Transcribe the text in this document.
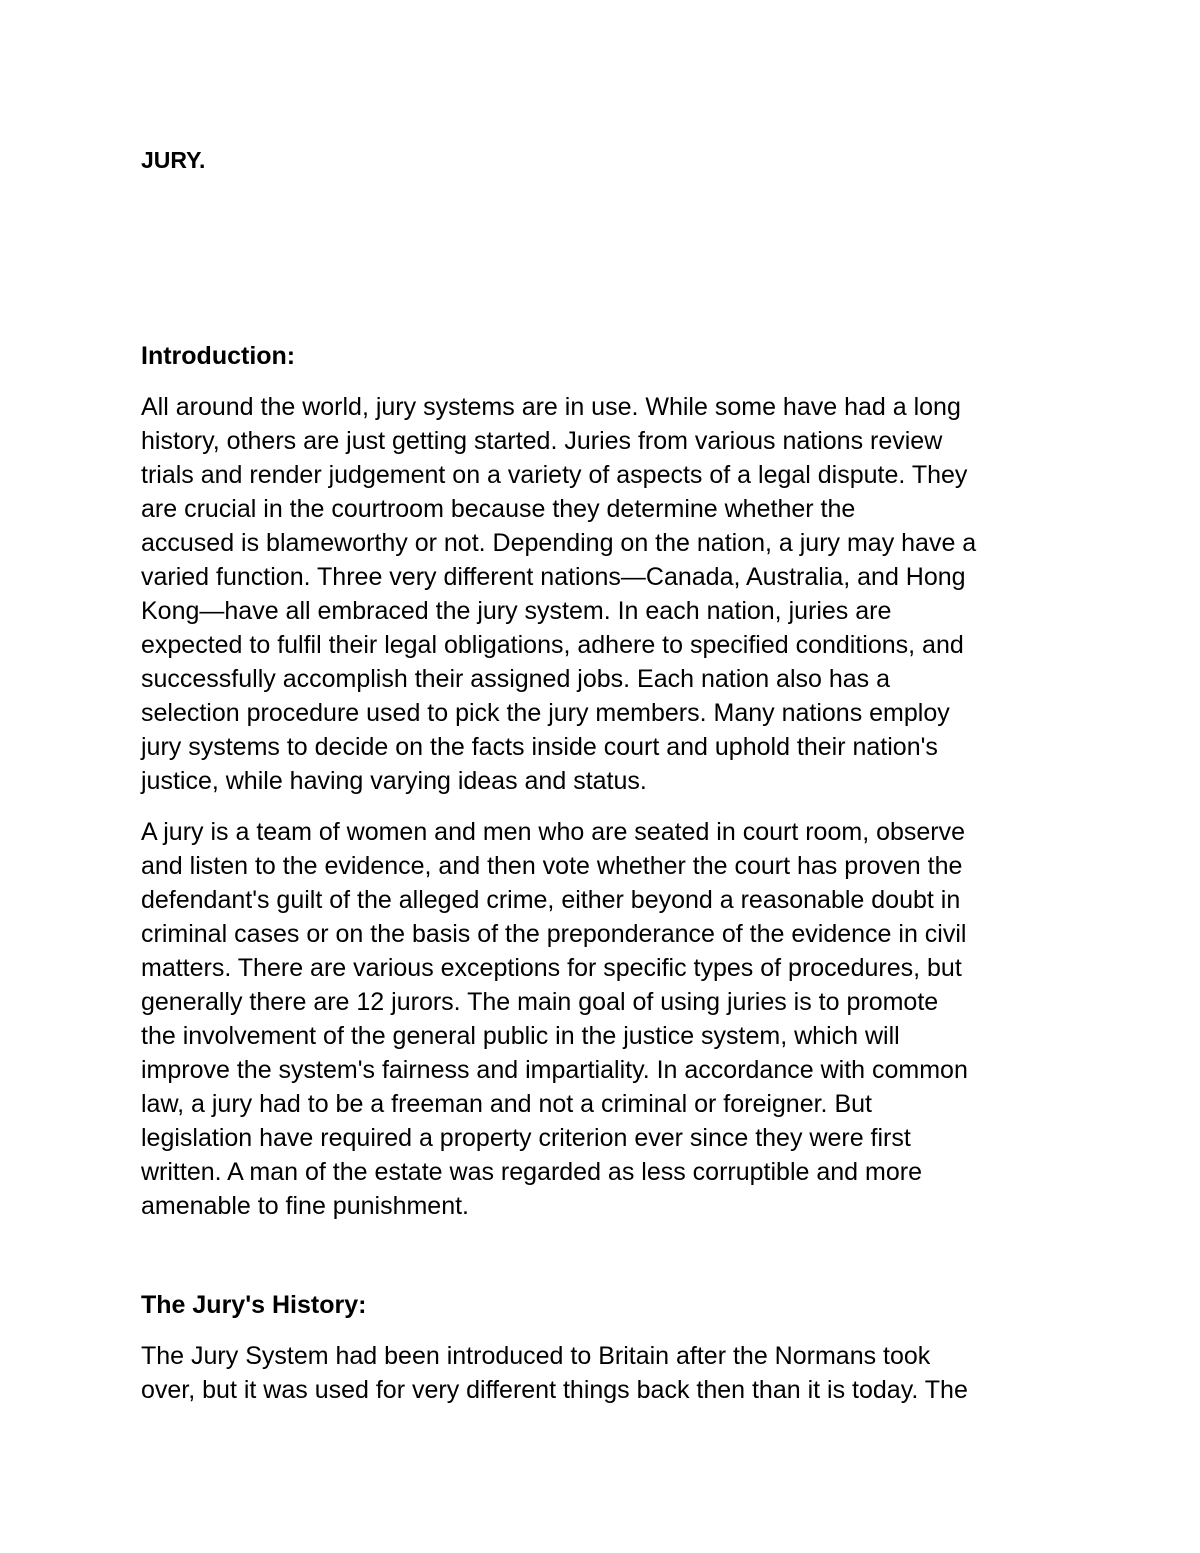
JURY.
Introduction:

All around the world, jury systems are in use. While some have had a long
history, others are just getting started. Juries from various nations review
trials and render judgement on a variety of aspects of a legal dispute. They
are crucial in the courtroom because they determine whether the
accused is blameworthy or not. Depending on the nation, a jury may have a
varied function. Three very different nations—Canada, Australia, and Hong
Kong—have all embraced the jury system. In each nation, juries are
expected to fulfil their legal obligations, adhere to specified conditions, and
successfully accomplish their assigned jobs. Each nation also has a
selection procedure used to pick the jury members. Many nations employ
jury systems to decide on the facts inside court and uphold their nation's
justice, while having varying ideas and status.

A jury is a team of women and men who are seated in court room, observe
and listen to the evidence, and then vote whether the court has proven the
defendant's guilt of the alleged crime, either beyond a reasonable doubt in
criminal cases or on the basis of the preponderance of the evidence in civil
matters. There are various exceptions for specific types of procedures, but
generally there are 12 jurors. The main goal of using juries is to promote
the involvement of the general public in the justice system, which will
improve the system's fairness and impartiality. In accordance with common
law, a jury had to be a freeman and not a criminal or foreigner. But
legislation have required a property criterion ever since they were first
written. A man of the estate was regarded as less corruptible and more
amenable to fine punishment.

The Jury's History:

The Jury System had been introduced to Britain after the Normans took
over, but it was used for very different things back then than it is today. The
